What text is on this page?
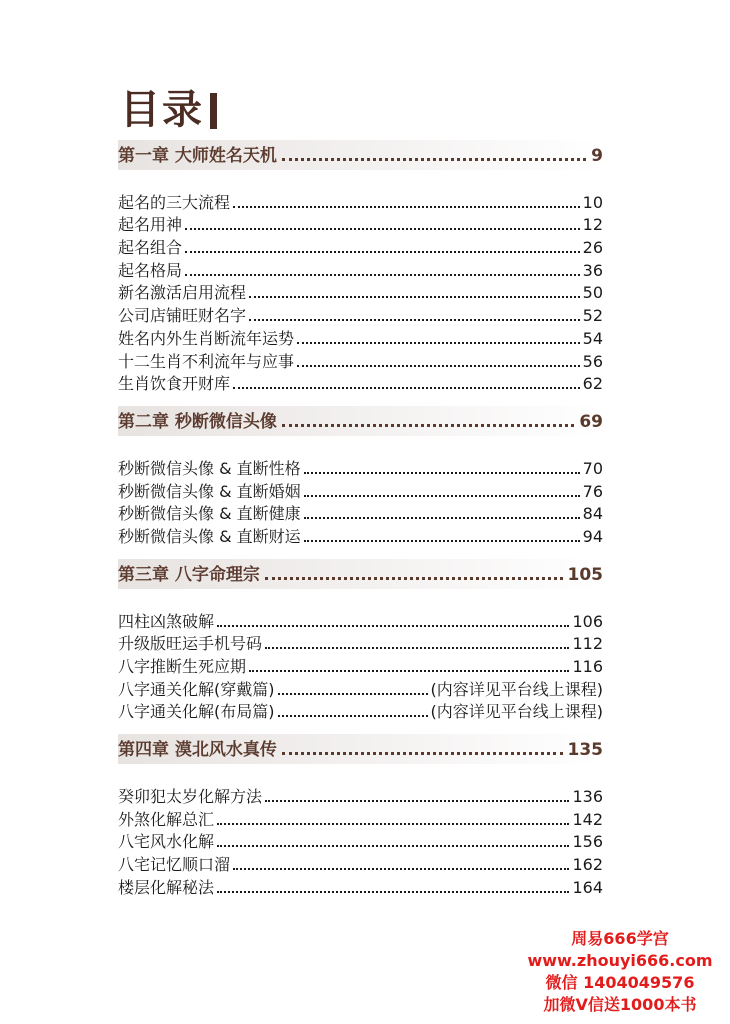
目录
第一章 大师姓名天机	9
起名的三大流程	10
起名用神	12
起名组合	26
起名格局	36
新名激活启用流程	50
公司店铺旺财名字	52
姓名内外生肖断流年运势	54
十二生肖不利流年与应事	56
生肖饮食开财库	62
第二章 秒断微信头像	69
秒断微信头像 & 直断性格	70
秒断微信头像 & 直断婚姻	76
秒断微信头像 & 直断健康	84
秒断微信头像 & 直断财运	94
第三章 八字命理宗	105
四柱凶煞破解	106
升级版旺运手机号码	112
八字推断生死应期	116
八字通关化解(穿戴篇)	(内容详见平台线上课程)
八字通关化解(布局篇)	(内容详见平台线上课程)
第四章 漠北风水真传	135
癸卯犯太岁化解方法	136
外煞化解总汇	142
八宅风水化解	156
八宅记忆顺口溜	162
楼层化解秘法	164
周易666学宫
www.zhouyi666.com
微信 1404049576
加微V信送1000本书
